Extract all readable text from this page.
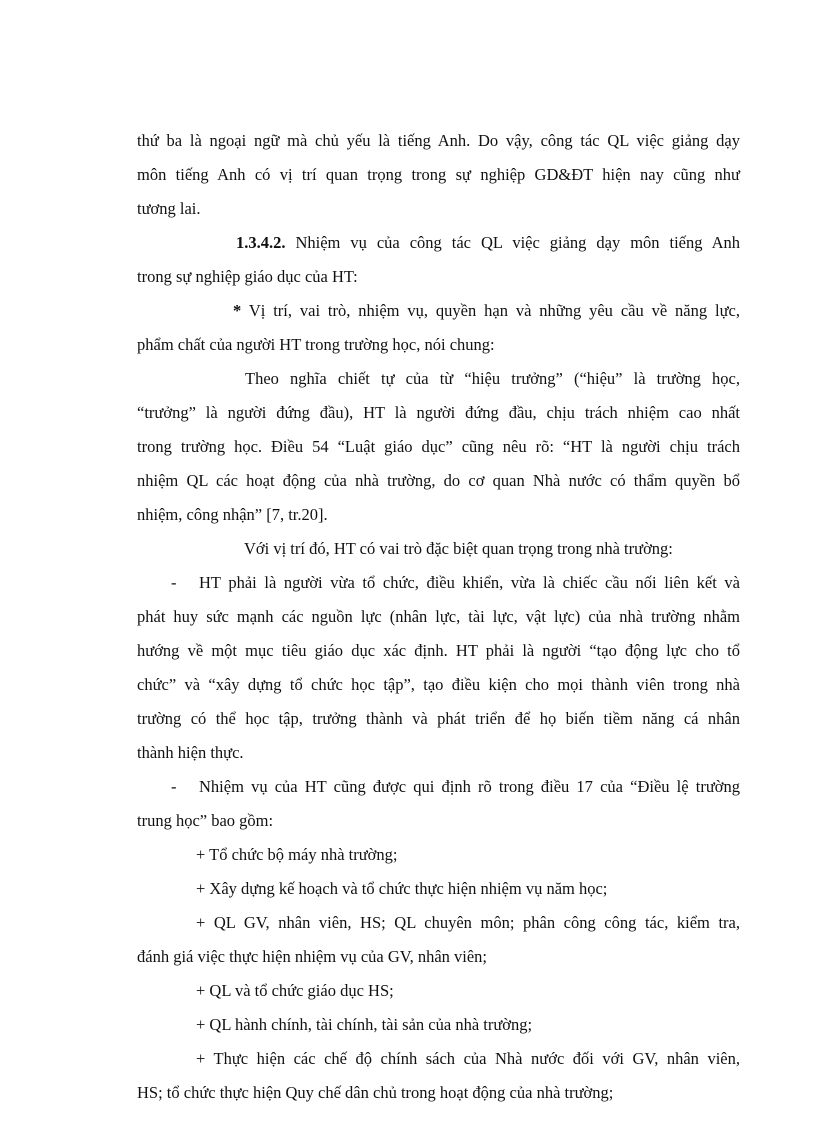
thứ ba là ngoại ngữ mà chủ yếu là tiếng Anh. Do vậy, công tác QL việc giảng dạy
môn tiếng Anh có vị trí quan trọng trong sự nghiệp GD&ĐT hiện nay cũng như
tương lai.
1.3.4.2. Nhiệm vụ của công tác QL việc giảng dạy môn tiếng Anh
trong sự nghiệp giáo dục của HT:
* Vị trí, vai trò, nhiệm vụ, quyền hạn và những yêu cầu về năng lực,
phẩm chất của người HT trong trường học, nói chung:
Theo nghĩa chiết tự của từ “hiệu trưởng” (“hiệu” là trường học,
“trưởng” là người đứng đầu), HT là người đứng đầu, chịu trách nhiệm cao nhất
trong trường học. Điều 54 “Luật giáo dục” cũng nêu rõ: “HT là người chịu trách
nhiệm QL các hoạt động của nhà trường, do cơ quan Nhà nước có thẩm quyền bổ
nhiệm, công nhận” [7, tr.20].
Với vị trí đó, HT có vai trò đặc biệt quan trọng trong nhà trường:
- HT phải là người vừa tổ chức, điều khiển, vừa là chiếc cầu nối liên kết và
phát huy sức mạnh các nguồn lực (nhân lực, tài lực, vật lực) của nhà trường nhằm
hướng về một mục tiêu giáo dục xác định. HT phải là người “tạo động lực cho tổ
chức” và “xây dựng tổ chức học tập”, tạo điều kiện cho mọi thành viên trong nhà
trường có thể học tập, trưởng thành và phát triển để họ biến tiềm năng cá nhân
thành hiện thực.
- Nhiệm vụ của HT cũng được qui định rõ trong điều 17 của “Điều lệ trường
trung học” bao gồm:
+ Tổ chức bộ máy nhà trường;
+ Xây dựng kế hoạch và tổ chức thực hiện nhiệm vụ năm học;
+ QL GV, nhân viên, HS; QL chuyên môn; phân công công tác, kiểm tra,
đánh giá việc thực hiện nhiệm vụ của GV, nhân viên;
+ QL và tổ chức giáo dục HS;
+ QL hành chính, tài chính, tài sản của nhà trường;
+ Thực hiện các chế độ chính sách của Nhà nước đối với GV, nhân viên,
HS; tổ chức thực hiện Quy chế dân chủ trong hoạt động của nhà trường;
